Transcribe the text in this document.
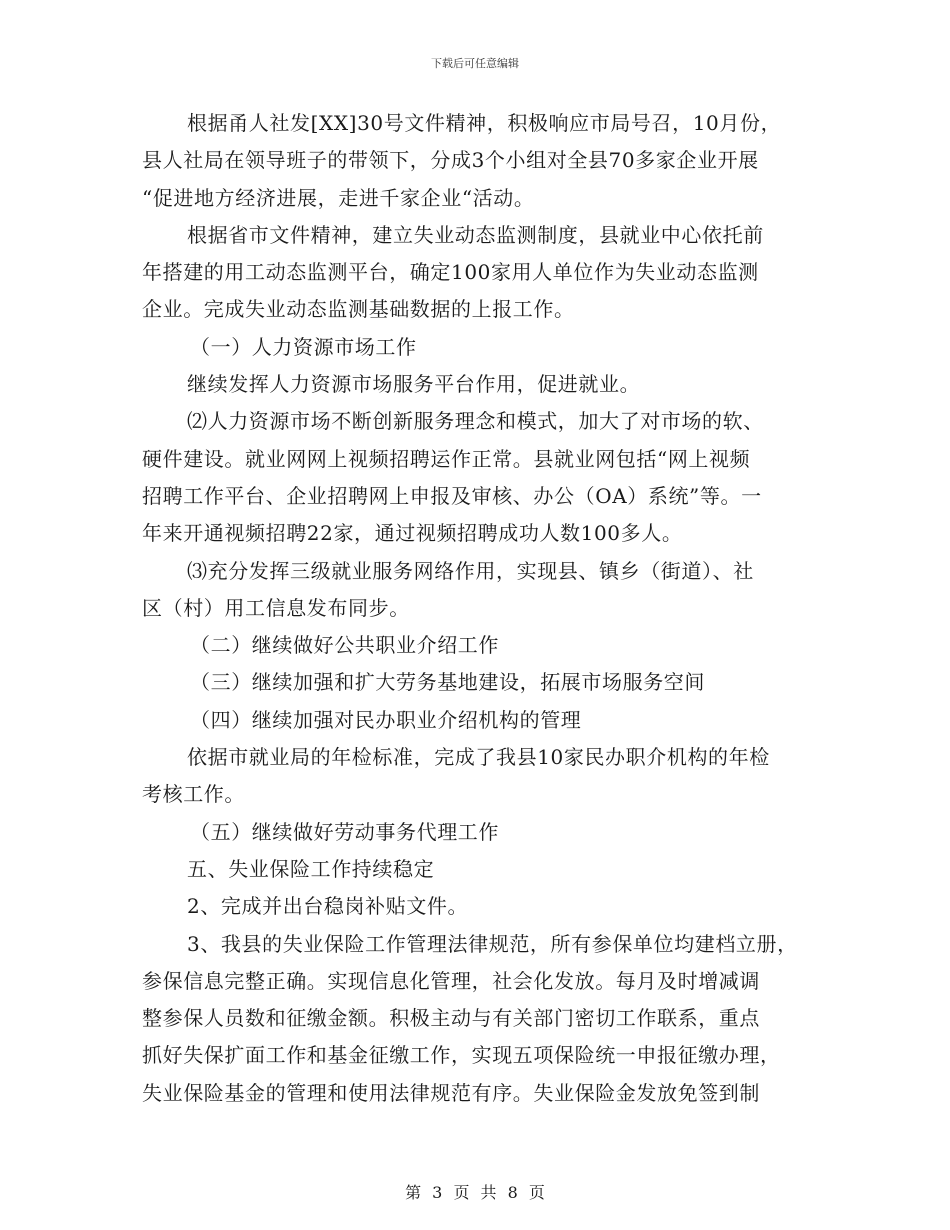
下载后可任意编辑
根据甬人社发[XX]30号文件精神，积极响应市局号召，10月份，
县人社局在领导班子的带领下，分成3个小组对全县70多家企业开展
“促进地方经济进展，走进千家企业“活动。
根据省市文件精神，建立失业动态监测制度，县就业中心依托前
年搭建的用工动态监测平台，确定100家用人单位作为失业动态监测
企业。完成失业动态监测基础数据的上报工作。
（一）人力资源市场工作
继续发挥人力资源市场服务平台作用，促进就业。
⑵人力资源市场不断创新服务理念和模式，加大了对市场的软、
硬件建设。就业网网上视频招聘运作正常。县就业网包括“网上视频
招聘工作平台、企业招聘网上申报及审核、办公（OA）系统”等。一
年来开通视频招聘22家，通过视频招聘成功人数100多人。
⑶充分发挥三级就业服务网络作用，实现县、镇乡（街道）、社
区（村）用工信息发布同步。
（二）继续做好公共职业介绍工作
（三）继续加强和扩大劳务基地建设，拓展市场服务空间
（四）继续加强对民办职业介绍机构的管理
依据市就业局的年检标准，完成了我县10家民办职介机构的年检
考核工作。
（五）继续做好劳动事务代理工作
五、失业保险工作持续稳定
2、完成并出台稳岗补贴文件。
3、我县的失业保险工作管理法律规范，所有参保单位均建档立册，
参保信息完整正确。实现信息化管理，社会化发放。每月及时增减调
整参保人员数和征缴金额。积极主动与有关部门密切工作联系，重点
抓好失保扩面工作和基金征缴工作，实现五项保险统一申报征缴办理，
失业保险基金的管理和使用法律规范有序。失业保险金发放免签到制
第 3 页 共 8 页
